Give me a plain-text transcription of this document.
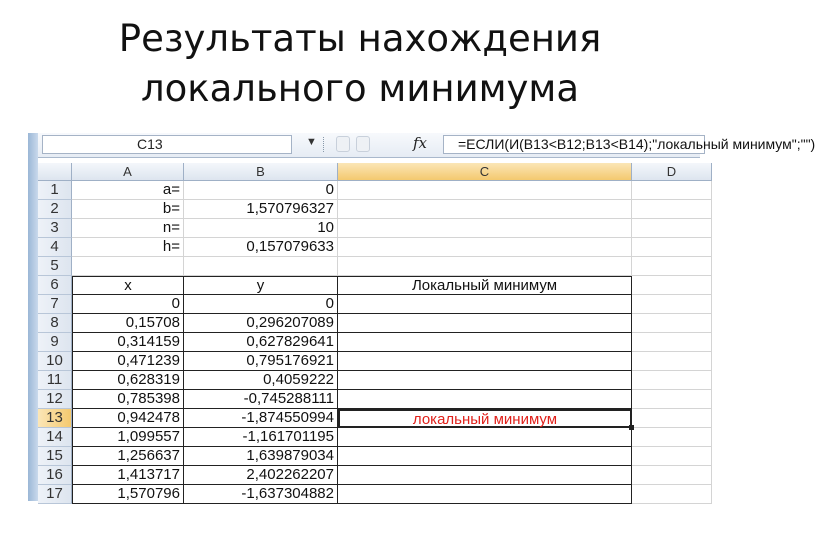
Результаты нахождения
локального минимума
C13	▼	fx	=ЕСЛИ(И(B13<B12;B13<B14);"локальный минимум";"")
A	B	C	D
1	a=	0
2	b=	1,570796327
3	n=	10
4	h=	0,157079633
5
6	x	y	Локальный минимум
7	0	0
8	0,15708	0,296207089
9	0,314159	0,627829641
10	0,471239	0,795176921
11	0,628319	0,4059222
12	0,785398	-0,745288111
13	0,942478	-1,874550994	локальный минимум
14	1,099557	-1,161701195
15	1,256637	1,639879034
16	1,413717	2,402262207
17	1,570796	-1,637304882
